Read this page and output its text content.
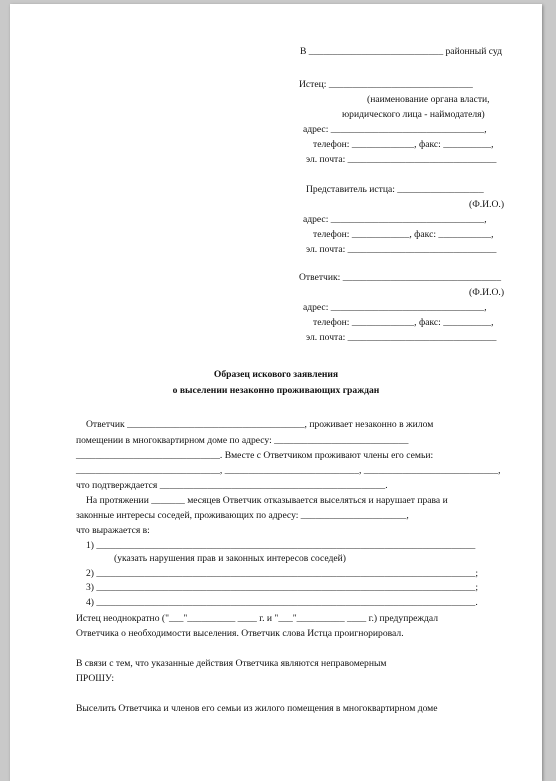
В ____________________________ районный суд
Истец: ______________________________
(наименование органа власти,
юридического лица - наймодателя)
адрес: ________________________________,
телефон: _____________, факс: __________,
эл. почта: _______________________________
Представитель истца: __________________
(Ф.И.О.)
адрес: ________________________________,
телефон: ____________, факс: ___________,
эл. почта: _______________________________
Ответчик: _________________________________
(Ф.И.О.)
адрес: ________________________________,
телефон: _____________, факс: __________,
эл. почта: _______________________________
Образец искового заявления
о выселении незаконно проживающих граждан
Ответчик _____________________________________, проживает незаконно в жилом
помещении в многоквартирном доме по адресу: ____________________________
______________________________. Вместе с Ответчиком проживают члены его семьи:
______________________________, ____________________________, ____________________________,
что подтверждается _______________________________________________.
На протяжении _______ месяцев Ответчик отказывается выселяться и нарушает права и
законные интересы соседей, проживающих по адресу: ______________________,
что выражается в:
1) _______________________________________________________________________________
(указать нарушения прав и законных интересов соседей)
2) _______________________________________________________________________________;
3) _______________________________________________________________________________;
4) _______________________________________________________________________________.
Истец неоднократно ("___"__________ ____ г. и "___"__________ ____ г.) предупреждал
Ответчика о необходимости выселения. Ответчик слова Истца проигнорировал.
В связи с тем, что указанные действия Ответчика являются неправомерным
ПРОШУ:
Выселить Ответчика и членов его семьи из жилого помещения в многоквартирном доме
